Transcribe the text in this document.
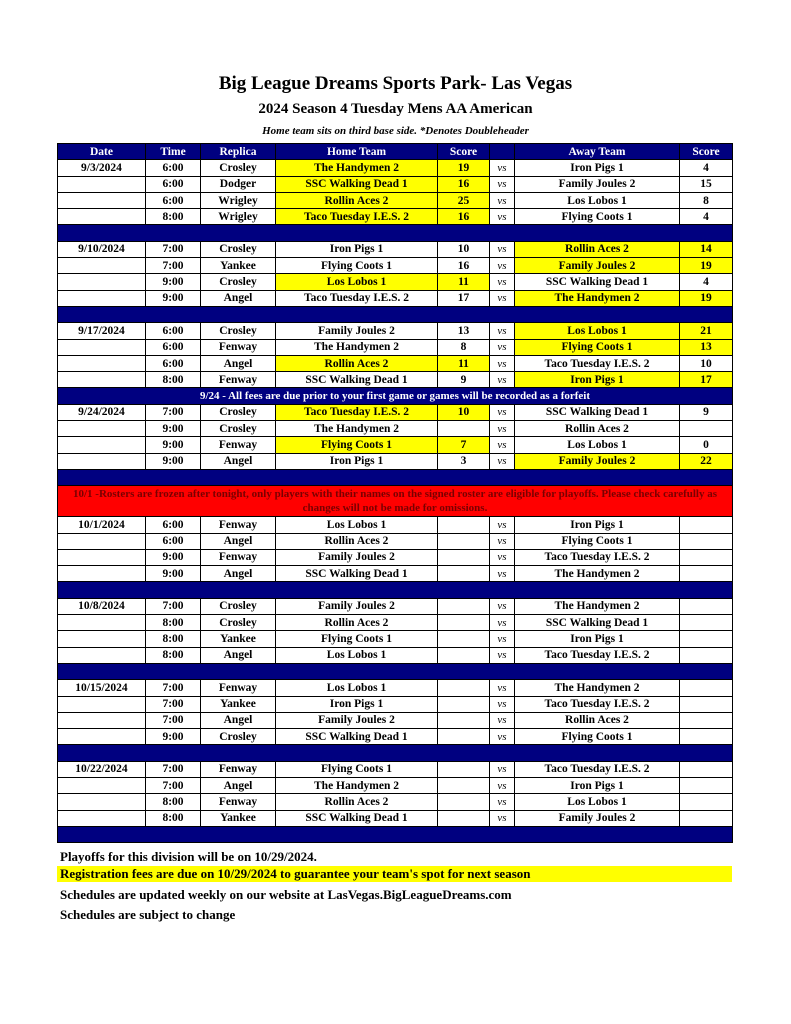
Big League Dreams Sports Park- Las Vegas
2024 Season 4 Tuesday Mens AA American
Home team sits on third base side. *Denotes Doubleheader
Date	Time	Replica	Home Team	Score		Away Team	Score
9/3/2024	6:00	Crosley	The Handymen 2	19	vs	Iron Pigs 1	4
	6:00	Dodger	SSC Walking Dead 1	16	vs	Family Joules 2	15
	6:00	Wrigley	Rollin Aces 2	25	vs	Los Lobos 1	8
	8:00	Wrigley	Taco Tuesday I.E.S. 2	16	vs	Flying Coots 1	4

9/10/2024	7:00	Crosley	Iron Pigs 1	10	vs	Rollin Aces 2	14
	7:00	Yankee	Flying Coots 1	16	vs	Family Joules 2	19
	9:00	Crosley	Los Lobos 1	11	vs	SSC Walking Dead 1	4
	9:00	Angel	Taco Tuesday I.E.S. 2	17	vs	The Handymen 2	19

9/17/2024	6:00	Crosley	Family Joules 2	13	vs	Los Lobos 1	21
	6:00	Fenway	The Handymen 2	8	vs	Flying Coots 1	13
	6:00	Angel	Rollin Aces 2	11	vs	Taco Tuesday I.E.S. 2	10
	8:00	Fenway	SSC Walking Dead 1	9	vs	Iron Pigs 1	17
9/24 - All fees are due prior to your first game or games will be recorded as a forfeit							
9/24/2024	7:00	Crosley	Taco Tuesday I.E.S. 2	10	vs	SSC Walking Dead 1	9
	9:00	Crosley	The Handymen 2		vs	Rollin Aces 2	
	9:00	Fenway	Flying Coots 1	7	vs	Los Lobos 1	0
	9:00	Angel	Iron Pigs 1	3	vs	Family Joules 2	22

10/1 -Rosters are frozen after tonight, only players with their names on the signed roster are eligible for playoffs. Please check carefully as changes will not be made for omissions.							
10/1/2024	6:00	Fenway	Los Lobos 1		vs	Iron Pigs 1	
	6:00	Angel	Rollin Aces 2		vs	Flying Coots 1	
	9:00	Fenway	Family Joules 2		vs	Taco Tuesday I.E.S. 2	
	9:00	Angel	SSC Walking Dead 1		vs	The Handymen 2	

10/8/2024	7:00	Crosley	Family Joules 2		vs	The Handymen 2	
	8:00	Crosley	Rollin Aces 2		vs	SSC Walking Dead 1	
	8:00	Yankee	Flying Coots 1		vs	Iron Pigs 1	
	8:00	Angel	Los Lobos 1		vs	Taco Tuesday I.E.S. 2	

10/15/2024	7:00	Fenway	Los Lobos 1		vs	The Handymen 2	
	7:00	Yankee	Iron Pigs 1		vs	Taco Tuesday I.E.S. 2	
	7:00	Angel	Family Joules 2		vs	Rollin Aces 2	
	9:00	Crosley	SSC Walking Dead 1		vs	Flying Coots 1	

10/22/2024	7:00	Fenway	Flying Coots 1		vs	Taco Tuesday I.E.S. 2	
	7:00	Angel	The Handymen 2		vs	Iron Pigs 1	
	8:00	Fenway	Rollin Aces 2		vs	Los Lobos 1	
	8:00	Yankee	SSC Walking Dead 1		vs	Family Joules 2	

Playoffs for this division will be on 10/29/2024.
Registration fees are due on 10/29/2024 to guarantee your team's spot for next season
Schedules are updated weekly on our website at LasVegas.BigLeagueDreams.com
Schedules are subject to change
